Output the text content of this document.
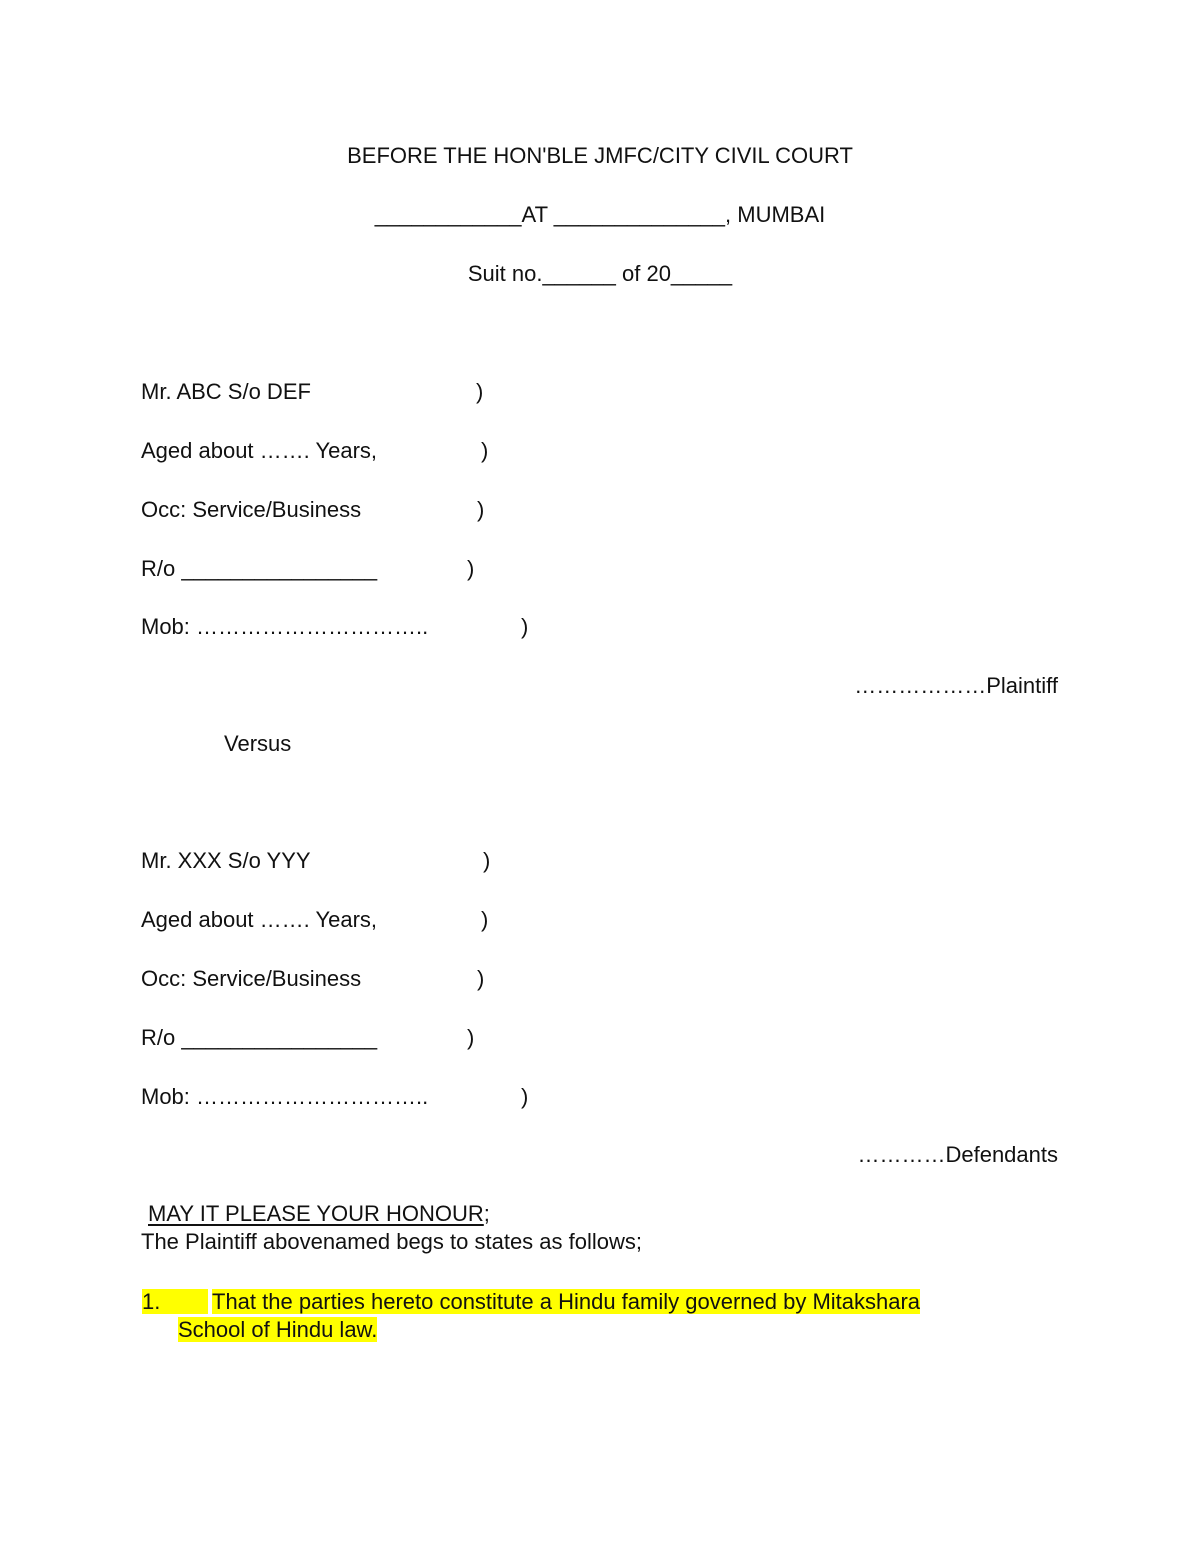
BEFORE THE HON'BLE JMFC/CITY CIVIL COURT
____________AT ______________, MUMBAI
Suit no.______ of 20_____
Mr. ABC S/o DEF	)
Aged about ……. Years,	)
Occ: Service/Business	)
R/o ________________	)
Mob: …………………………..	)
………………Plaintiff
Versus
Mr. XXX S/o YYY	)
Aged about ……. Years,	)
Occ: Service/Business	)
R/o ________________	)
Mob: …………………………..	)
…………Defendants
MAY IT PLEASE YOUR HONOUR;
The Plaintiff abovenamed begs to states as follows;
That the parties hereto constitute a Hindu family governed by Mitakshara
1.
School of Hindu law.
